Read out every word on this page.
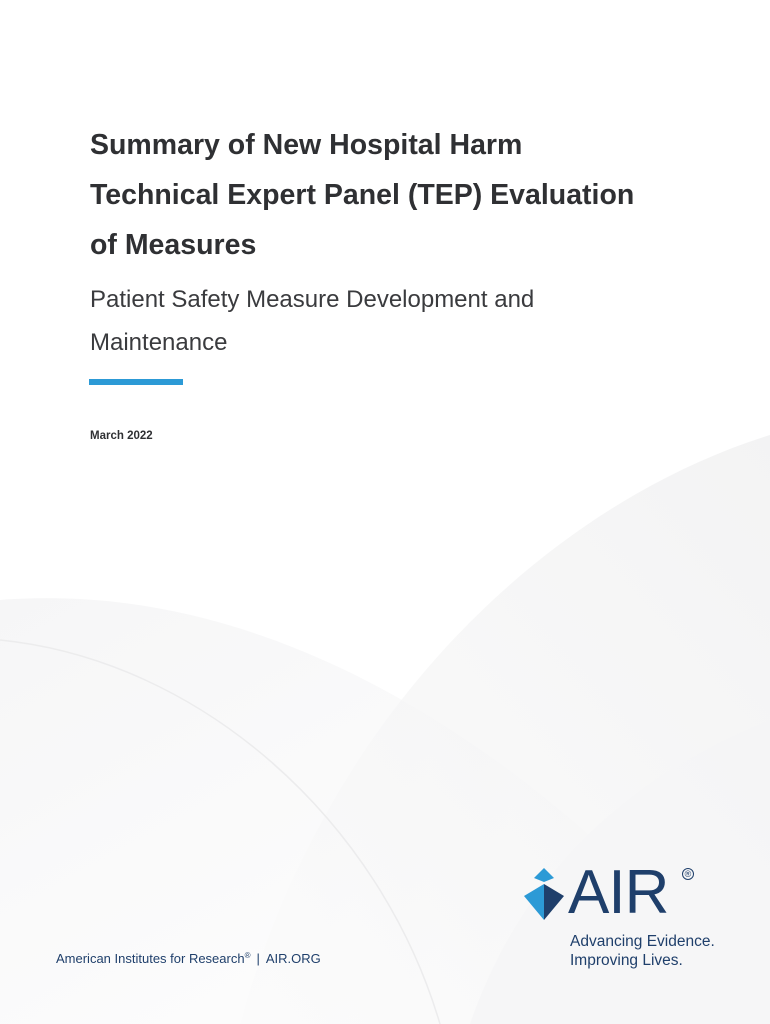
Summary of New Hospital Harm
Technical Expert Panel (TEP) Evaluation
of Measures
Patient Safety Measure Development and
Maintenance
March 2022
American Institutes for Research® | AIR.ORG
AIR ®
Advancing Evidence.
Improving Lives.
